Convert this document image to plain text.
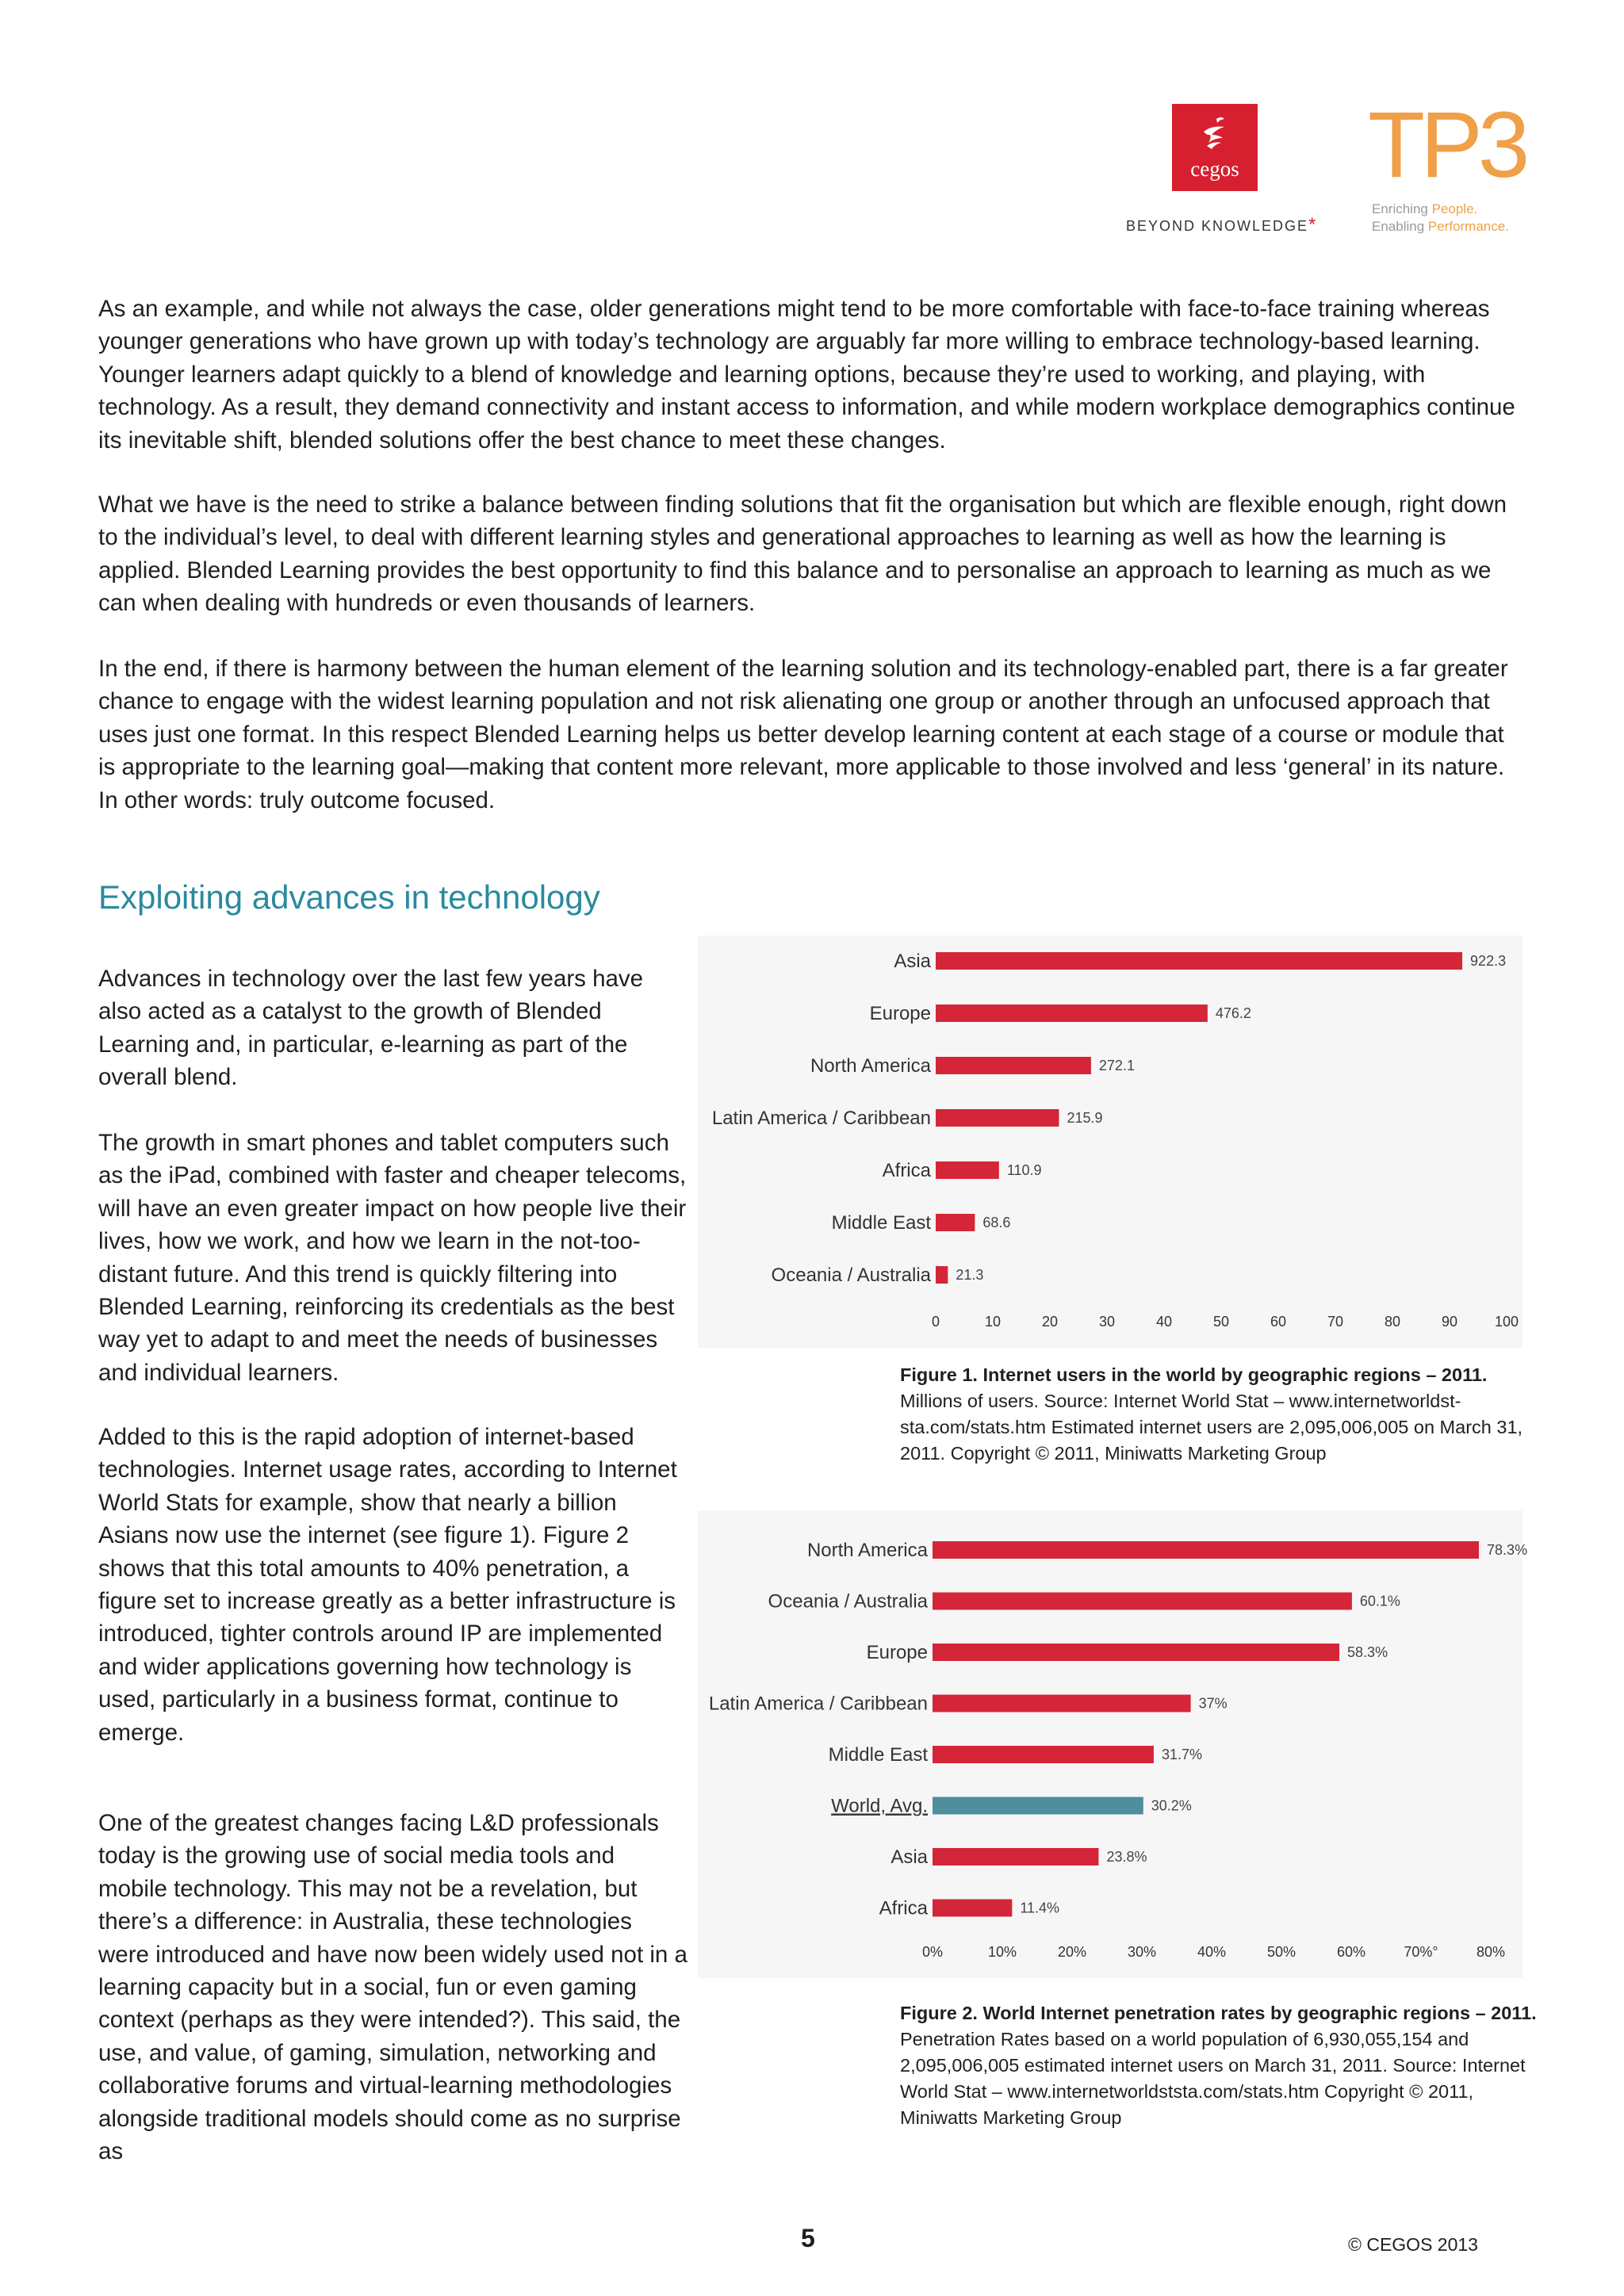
cegos
BEYOND KNOWLEDGE*
TP3
Enriching People.
Enabling Performance.

As an example, and while not always the case, older generations might tend to be more comfortable with face-to-face training whereas younger generations who have grown up with today’s technology are arguably far more willing to embrace technology-based learning. Younger learners adapt quickly to a blend of knowledge and learning options, because they’re used to working, and playing, with technology. As a result, they demand connectivity and instant access to information, and while modern workplace demographics continue its inevitable shift, blended solutions offer the best chance to meet these changes.

What we have is the need to strike a balance between finding solutions that fit the organisation but which are flexible enough, right down to the individual’s level, to deal with different learning styles and generational approaches to learning as well as how the learning is applied. Blended Learning provides the best opportunity to find this balance and to personalise an approach to learning as much as we can when dealing with hundreds or even thousands of learners.

In the end, if there is harmony between the human element of the learning solution and its technology-enabled part, there is a far greater chance to engage with the widest learning population and not risk alienating one group or another through an unfocused approach that uses just one format. In this respect Blended Learning helps us better develop learning content at each stage of a course or module that is appropriate to the learning goal—making that content more relevant, more applicable to those involved and less ‘general’ in its nature. In other words: truly outcome focused.

Exploiting advances in technology

Advances in technology over the last few years have also acted as a catalyst to the growth of Blended Learning and, in particular, e-learning as part of the overall blend.

The growth in smart phones and tablet computers such as the iPad, combined with faster and cheaper telecoms, will have an even greater impact on how people live their lives, how we work, and how we learn in the not-too-distant future. And this trend is quickly filtering into Blended Learning, reinforcing its credentials as the best way yet to adapt to and meet the needs of businesses and individual learners.

Added to this is the rapid adoption of internet-based technologies. Internet usage rates, according to Internet World Stats for example, show that nearly a billion Asians now use the internet (see figure 1). Figure 2 shows that this total amounts to 40% penetration, a figure set to increase greatly as a better infrastructure is introduced, tighter controls around IP are implemented and wider applications governing how technology is used, particularly in a business format, continue to emerge.

One of the greatest changes facing L&D professionals today is the growing use of social media tools and mobile technology. This may not be a revelation, but there’s a difference: in Australia, these technologies were introduced and have now been widely used not in a learning capacity but in a social, fun or even gaming context (perhaps as they were intended?). This said, the use, and value, of gaming, simulation, networking and collaborative forums and virtual-learning methodologies alongside traditional models should come as no surprise as

Asia	922.3
Europe	476.2
North America	272.1
Latin America / Caribbean	215.9
Africa	110.9
Middle East	68.6
Oceania / Australia 21.3
0	10	20	30	40	50	60	70	80	90	100
Figure 1. Internet users in the world by geographic regions – 2011. Millions of users. Source: Internet World Stat – www.internetworldst-sta.com/stats.htm Estimated internet users are 2,095,006,005 on March 31, 2011. Copyright © 2011, Miniwatts Marketing Group
North America	78.3%
Oceania / Australia	60.1%
Europe	58.3%
Latin America / Caribbean	37%
Middle East	31.7%
World, Avg.	30.2%
Asia	23.8%
Africa	11.4%
0%	10%	20%	30%	40%	50%	60%	70%°	80%
Figure 2. World Internet penetration rates by geographic regions – 2011. Penetration Rates based on a world population of 6,930,055,154 and 2,095,006,005 estimated internet users on March 31, 2011. Source: Internet World Stat – www.internetworldststa.com/stats.htm Copyright © 2011, Miniwatts Marketing Group
5	© CEGOS 2013
